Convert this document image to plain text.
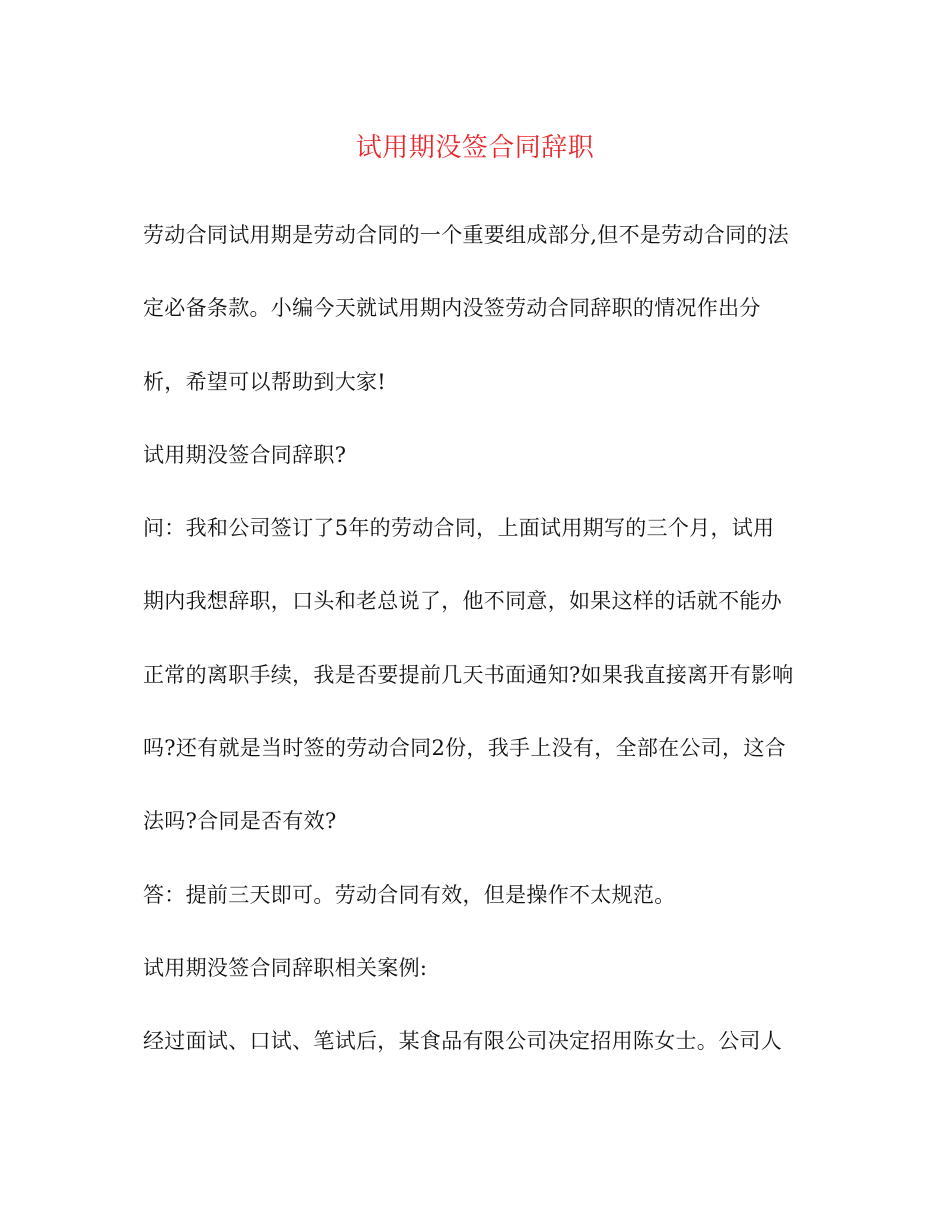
试用期没签合同辞职
劳动合同试用期是劳动合同的一个重要组成部分,但不是劳动合同的法
定必备条款。小编今天就试用期内没签劳动合同辞职的情况作出分
析，希望可以帮助到大家!
试用期没签合同辞职?
问：我和公司签订了5年的劳动合同，上面试用期写的三个月，试用
期内我想辞职，口头和老总说了，他不同意，如果这样的话就不能办
正常的离职手续，我是否要提前几天书面通知?如果我直接离开有影响
吗?还有就是当时签的劳动合同2份，我手上没有，全部在公司，这合
法吗?合同是否有效?
答：提前三天即可。劳动合同有效，但是操作不太规范。
试用期没签合同辞职相关案例:
经过面试、口试、笔试后，某食品有限公司决定招用陈女士。公司人
